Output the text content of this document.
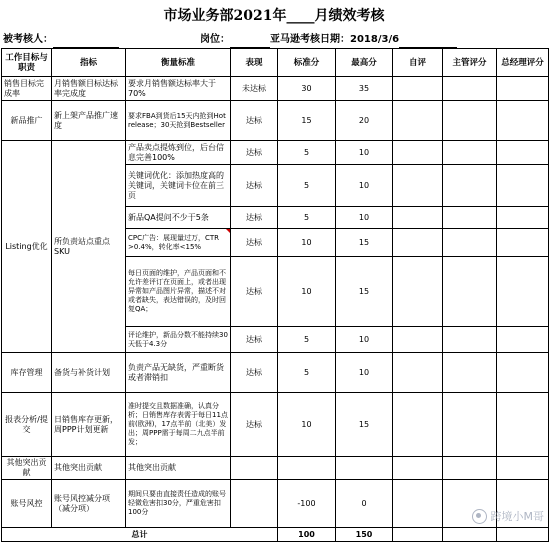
市场业务部2021年____月绩效考核
被考核人：	岗位：	亚马逊考核日期：2018/3/6
工作目标与职责	指标	衡量标准	表现	标准分	最高分	自评	主管评分	总经理评分
销售目标完成率	月销售额目标达标率完成度	要求月销售额达标率大于70%	未达标	30	35			
新品推广	新上架产品推广速度	要求FBA到货后15天内抢到Hot release；30天抢到Bestseller	达标	15	20			
Listing优化	所负责站点重点SKU	产品卖点提炼到位，后台信息完善100%	达标	5	10			
		关键词优化：添加热度高的关键词，关键词卡位在前三页	达标	5	10			
		新品QA提问不少于5条	达标	5	10			
		CPC广告：展现量过万，CTR >0.4%，转化率<15%	达标	10	15			
		每日页面的维护，产品页面和不允许差评订在页面上，或者出现异常如产品图片异常，描述不对或者缺失，表达错误的，及时回复QA；	达标	10	15			
		评论维护，新品分数不能持续30天低于4.3分	达标	5	10			
库存管理	备货与补货计划	负责产品无缺货，严重断货或者滞销扣	达标	5	10			
报表分析/提交	日销售库存更新，周PPP计划更新	准时提交且数据准确，认真分析；日销售库存表需于每日11点前(欧洲)，17点半前（北美）发出；周PPP需于每周二九点半前发；	达标	10	15			
其他突出贡献	其他突出贡献	其他突出贡献						
账号风控	账号风控减分项（减分项）	期间只要由直接责任造成的账号轻微危害扣30分，严重危害扣100分		-100	0			
总计				100	150			
跨境小M哥
